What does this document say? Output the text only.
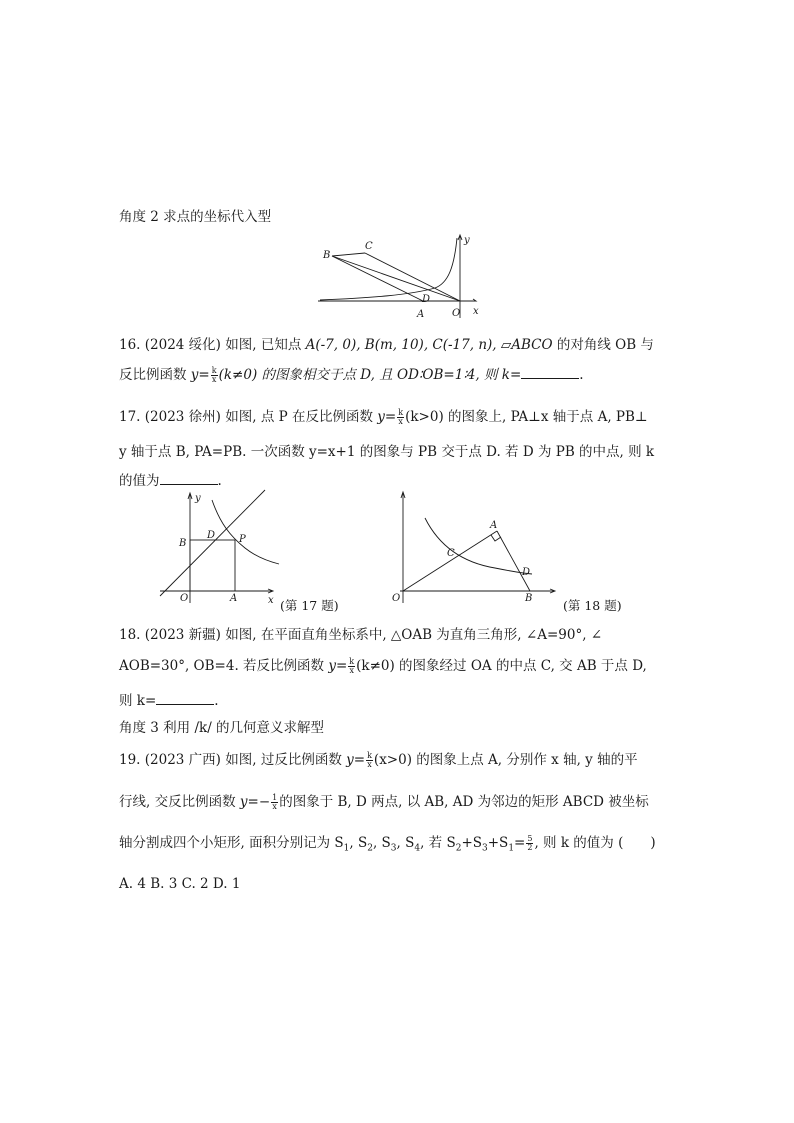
角度 2 求点的坐标代入型
B
C
D
A	O x
y
16. (2024 绥化) 如图, 已知点 A(-7, 0), B(m, 10), C(-17, n), ▱ABCO 的对角线 OB 与
反比例函数 $y= \frac{k}{x} (k\ne 0)$ 的图象相交于点 D, 且 OD∶OB=1∶4, 则 k=	.
17. (2023 徐州) 如图, 点 P 在反比例函数 $y= \frac{k}{x} (k>0)$ 的图象上, PA⊥x 轴于点 A, PB⊥
y 轴于点 B, PA=PB. 一次函数 y=x+1 的图象与 PB 交于点 D. 若 D 为 PB 的中点, 则 k
的值为	.
y
x
B
D P
O	A	(第 17 题)
A
C
D
O	B (第 18 题)
18. (2023 新疆) 如图, 在平面直角坐标系中, △OAB 为直角三角形, ∠A=90°, ∠
AOB=30°, OB=4. 若反比例函数 $y= \frac{k}{x} (k\ne 0)$ 的图象经过 OA 的中点 C, 交 AB 于点 D,
则 k=	.
角度 3 利用 /k/ 的几何意义求解型
19. (2023 广西) 如图, 过反比例函数 $y= \frac{k}{x} (x>0)$ 的图象上点 A, 分别作 x 轴, y 轴的平
行线, 交反比例函数 $y=- \frac{1}{x}$ 的图象于 B, D 两点, 以 AB, AD 为邻边的矩形 ABCD 被坐标
轴分割成四个小矩形, 面积分别记为 $S_1$, $S_2$, $S_3$, $S_4$, 若 $S_2+S_3+S_1= \frac{5}{2}$ , 则 k 的值为 (　　)
A. 4 B. 3 C. 2 D. 1
